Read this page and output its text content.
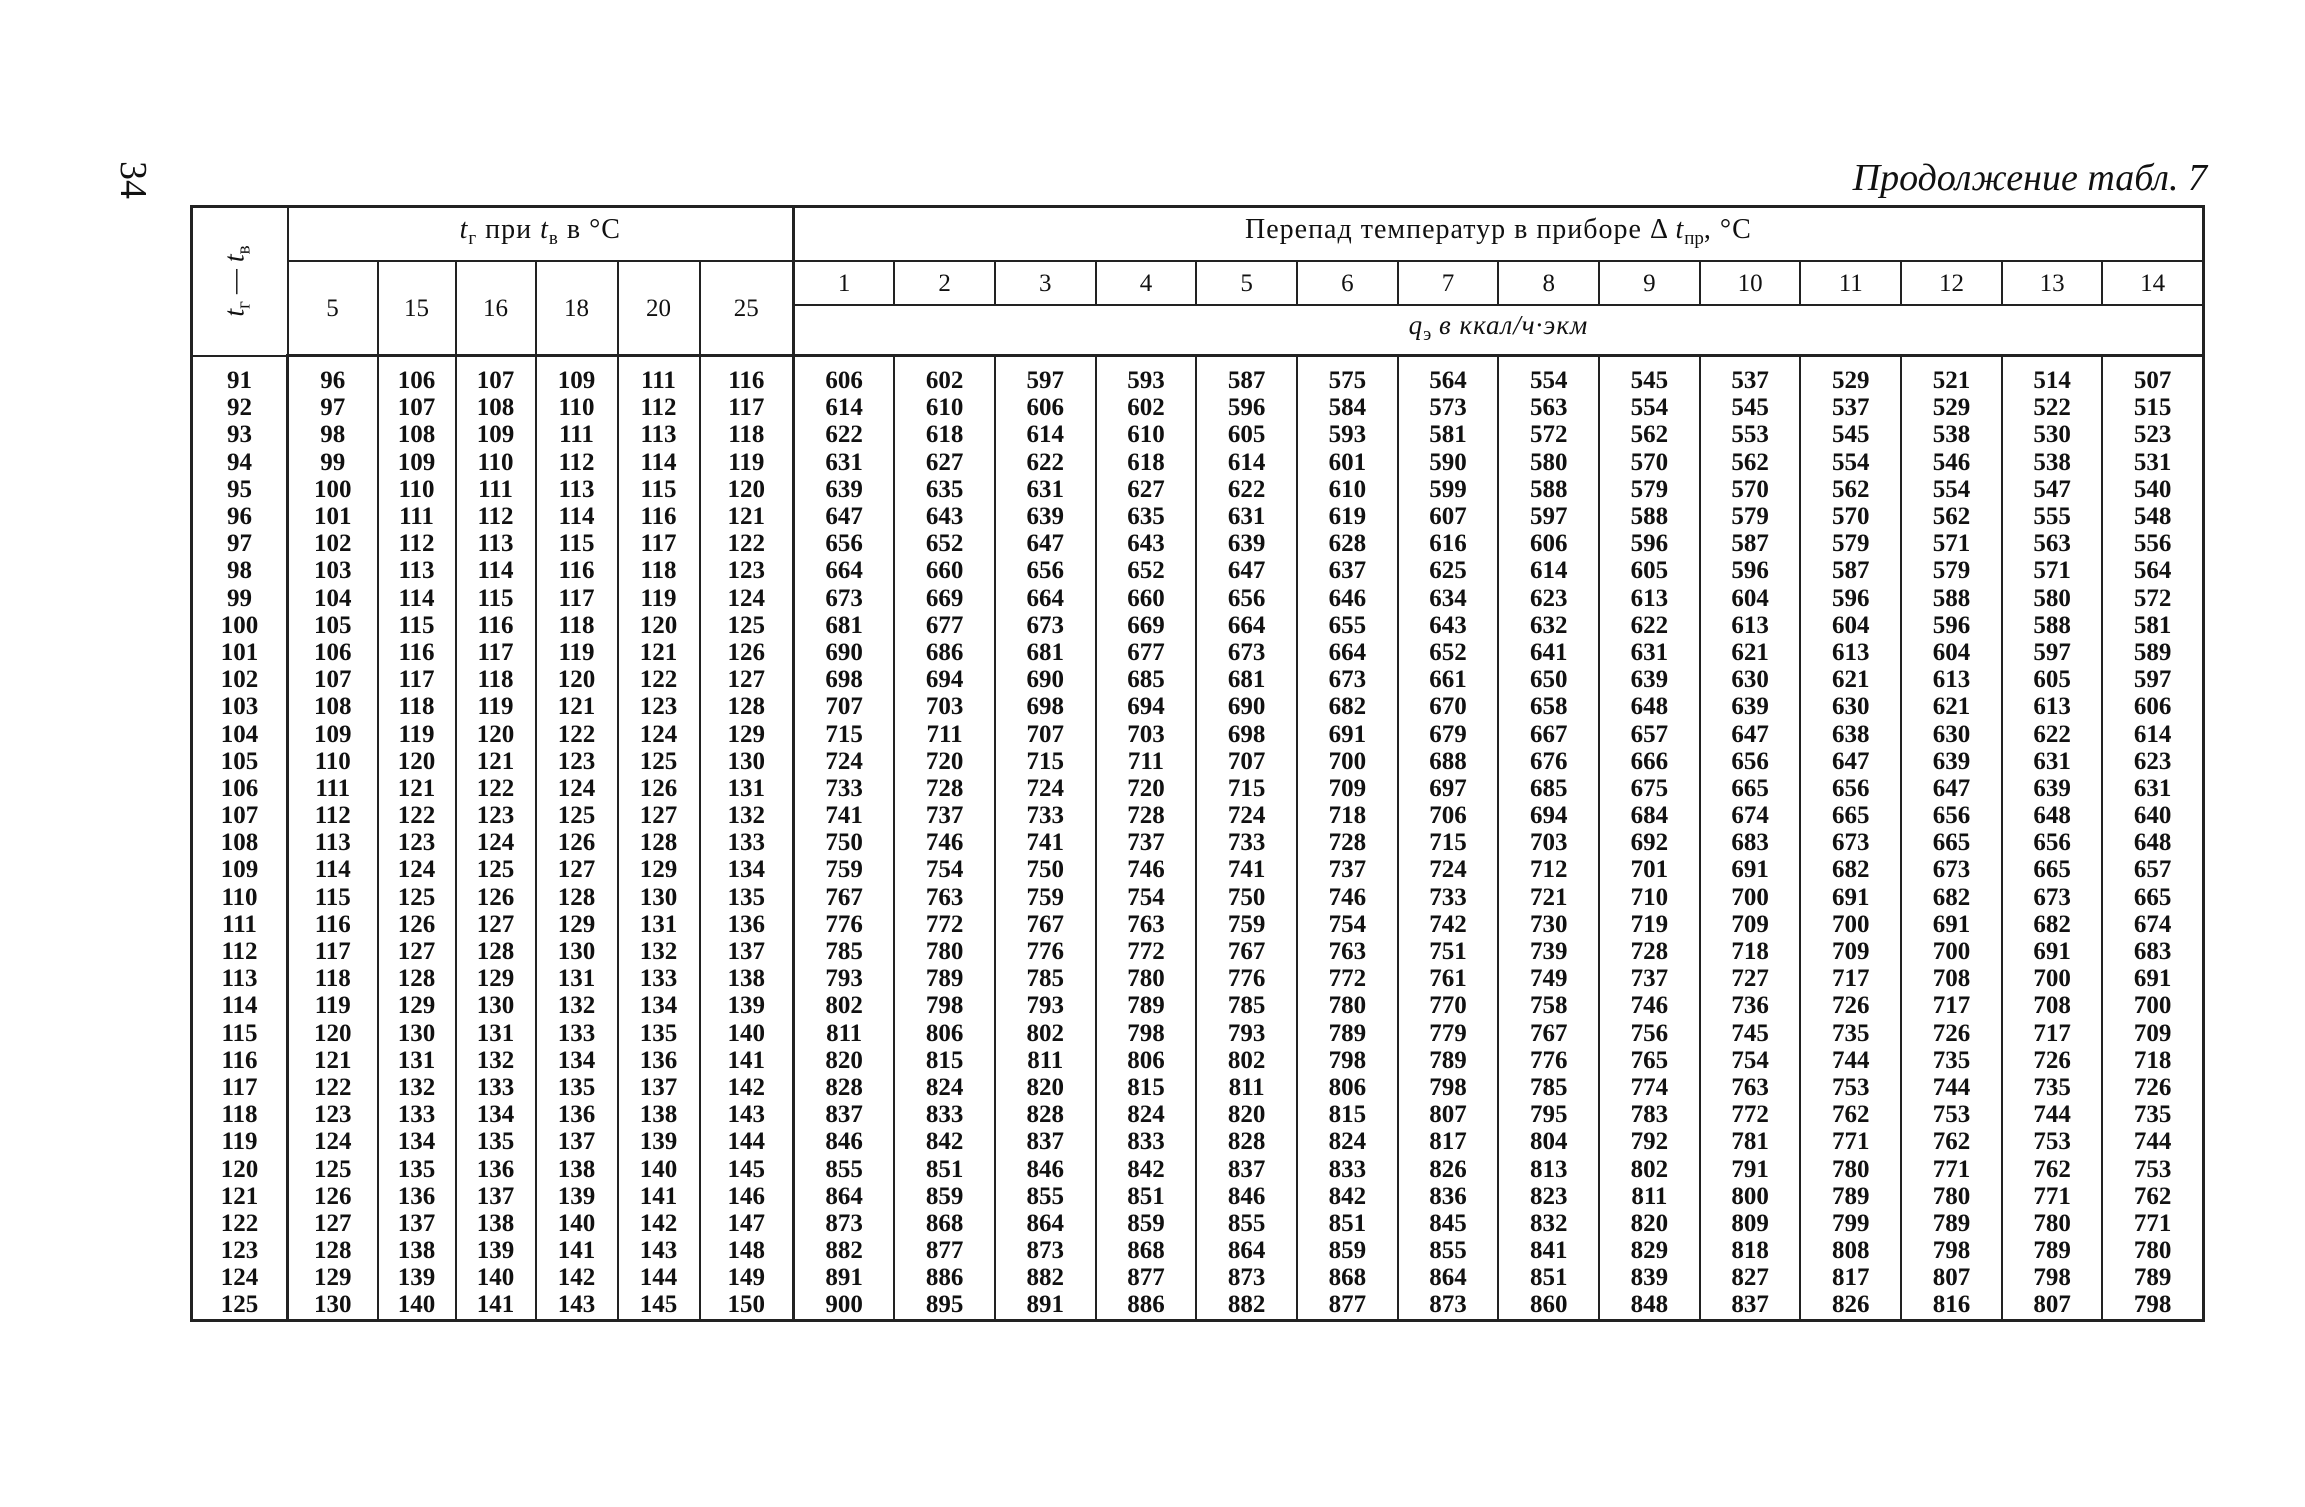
34	Продолжение табл. 7
$t_г$ — $t_в$	$t_г$ при $t_в$ в °С						Перепад температур в приборе Δ $t_{пр}$, °С													
	5	15	16	18	20	25	1	2	3	4	5	6	7	8	9	10	11	12	13	14
							$q_э$ в ккал/ч·экм													
91	96	106	107	109	111	116	606	602	597	593	587	575	564	554	545	537	529	521	514	507
92	97	107	108	110	112	117	614	610	606	602	596	584	573	563	554	545	537	529	522	515
93	98	108	109	111	113	118	622	618	614	610	605	593	581	572	562	553	545	538	530	523
94	99	109	110	112	114	119	631	627	622	618	614	601	590	580	570	562	554	546	538	531
95	100	110	111	113	115	120	639	635	631	627	622	610	599	588	579	570	562	554	547	540
96	101	111	112	114	116	121	647	643	639	635	631	619	607	597	588	579	570	562	555	548
97	102	112	113	115	117	122	656	652	647	643	639	628	616	606	596	587	579	571	563	556
98	103	113	114	116	118	123	664	660	656	652	647	637	625	614	605	596	587	579	571	564
99	104	114	115	117	119	124	673	669	664	660	656	646	634	623	613	604	596	588	580	572
100	105	115	116	118	120	125	681	677	673	669	664	655	643	632	622	613	604	596	588	581
101	106	116	117	119	121	126	690	686	681	677	673	664	652	641	631	621	613	604	597	589
102	107	117	118	120	122	127	698	694	690	685	681	673	661	650	639	630	621	613	605	597
103	108	118	119	121	123	128	707	703	698	694	690	682	670	658	648	639	630	621	613	606
104	109	119	120	122	124	129	715	711	707	703	698	691	679	667	657	647	638	630	622	614
105	110	120	121	123	125	130	724	720	715	711	707	700	688	676	666	656	647	639	631	623
106	111	121	122	124	126	131	733	728	724	720	715	709	697	685	675	665	656	647	639	631
107	112	122	123	125	127	132	741	737	733	728	724	718	706	694	684	674	665	656	648	640
108	113	123	124	126	128	133	750	746	741	737	733	728	715	703	692	683	673	665	656	648
109	114	124	125	127	129	134	759	754	750	746	741	737	724	712	701	691	682	673	665	657
110	115	125	126	128	130	135	767	763	759	754	750	746	733	721	710	700	691	682	673	665
111	116	126	127	129	131	136	776	772	767	763	759	754	742	730	719	709	700	691	682	674
112	117	127	128	130	132	137	785	780	776	772	767	763	751	739	728	718	709	700	691	683
113	118	128	129	131	133	138	793	789	785	780	776	772	761	749	737	727	717	708	700	691
114	119	129	130	132	134	139	802	798	793	789	785	780	770	758	746	736	726	717	708	700
115	120	130	131	133	135	140	811	806	802	798	793	789	779	767	756	745	735	726	717	709
116	121	131	132	134	136	141	820	815	811	806	802	798	789	776	765	754	744	735	726	718
117	122	132	133	135	137	142	828	824	820	815	811	806	798	785	774	763	753	744	735	726
118	123	133	134	136	138	143	837	833	828	824	820	815	807	795	783	772	762	753	744	735
119	124	134	135	137	139	144	846	842	837	833	828	824	817	804	792	781	771	762	753	744
120	125	135	136	138	140	145	855	851	846	842	837	833	826	813	802	791	780	771	762	753
121	126	136	137	139	141	146	864	859	855	851	846	842	836	823	811	800	789	780	771	762
122	127	137	138	140	142	147	873	868	864	859	855	851	845	832	820	809	799	789	780	771
123	128	138	139	141	143	148	882	877	873	868	864	859	855	841	829	818	808	798	789	780
124	129	139	140	142	144	149	891	886	882	877	873	868	864	851	839	827	817	807	798	789
125	130	140	141	143	145	150	900	895	891	886	882	877	873	860	848	837	826	816	807	798
